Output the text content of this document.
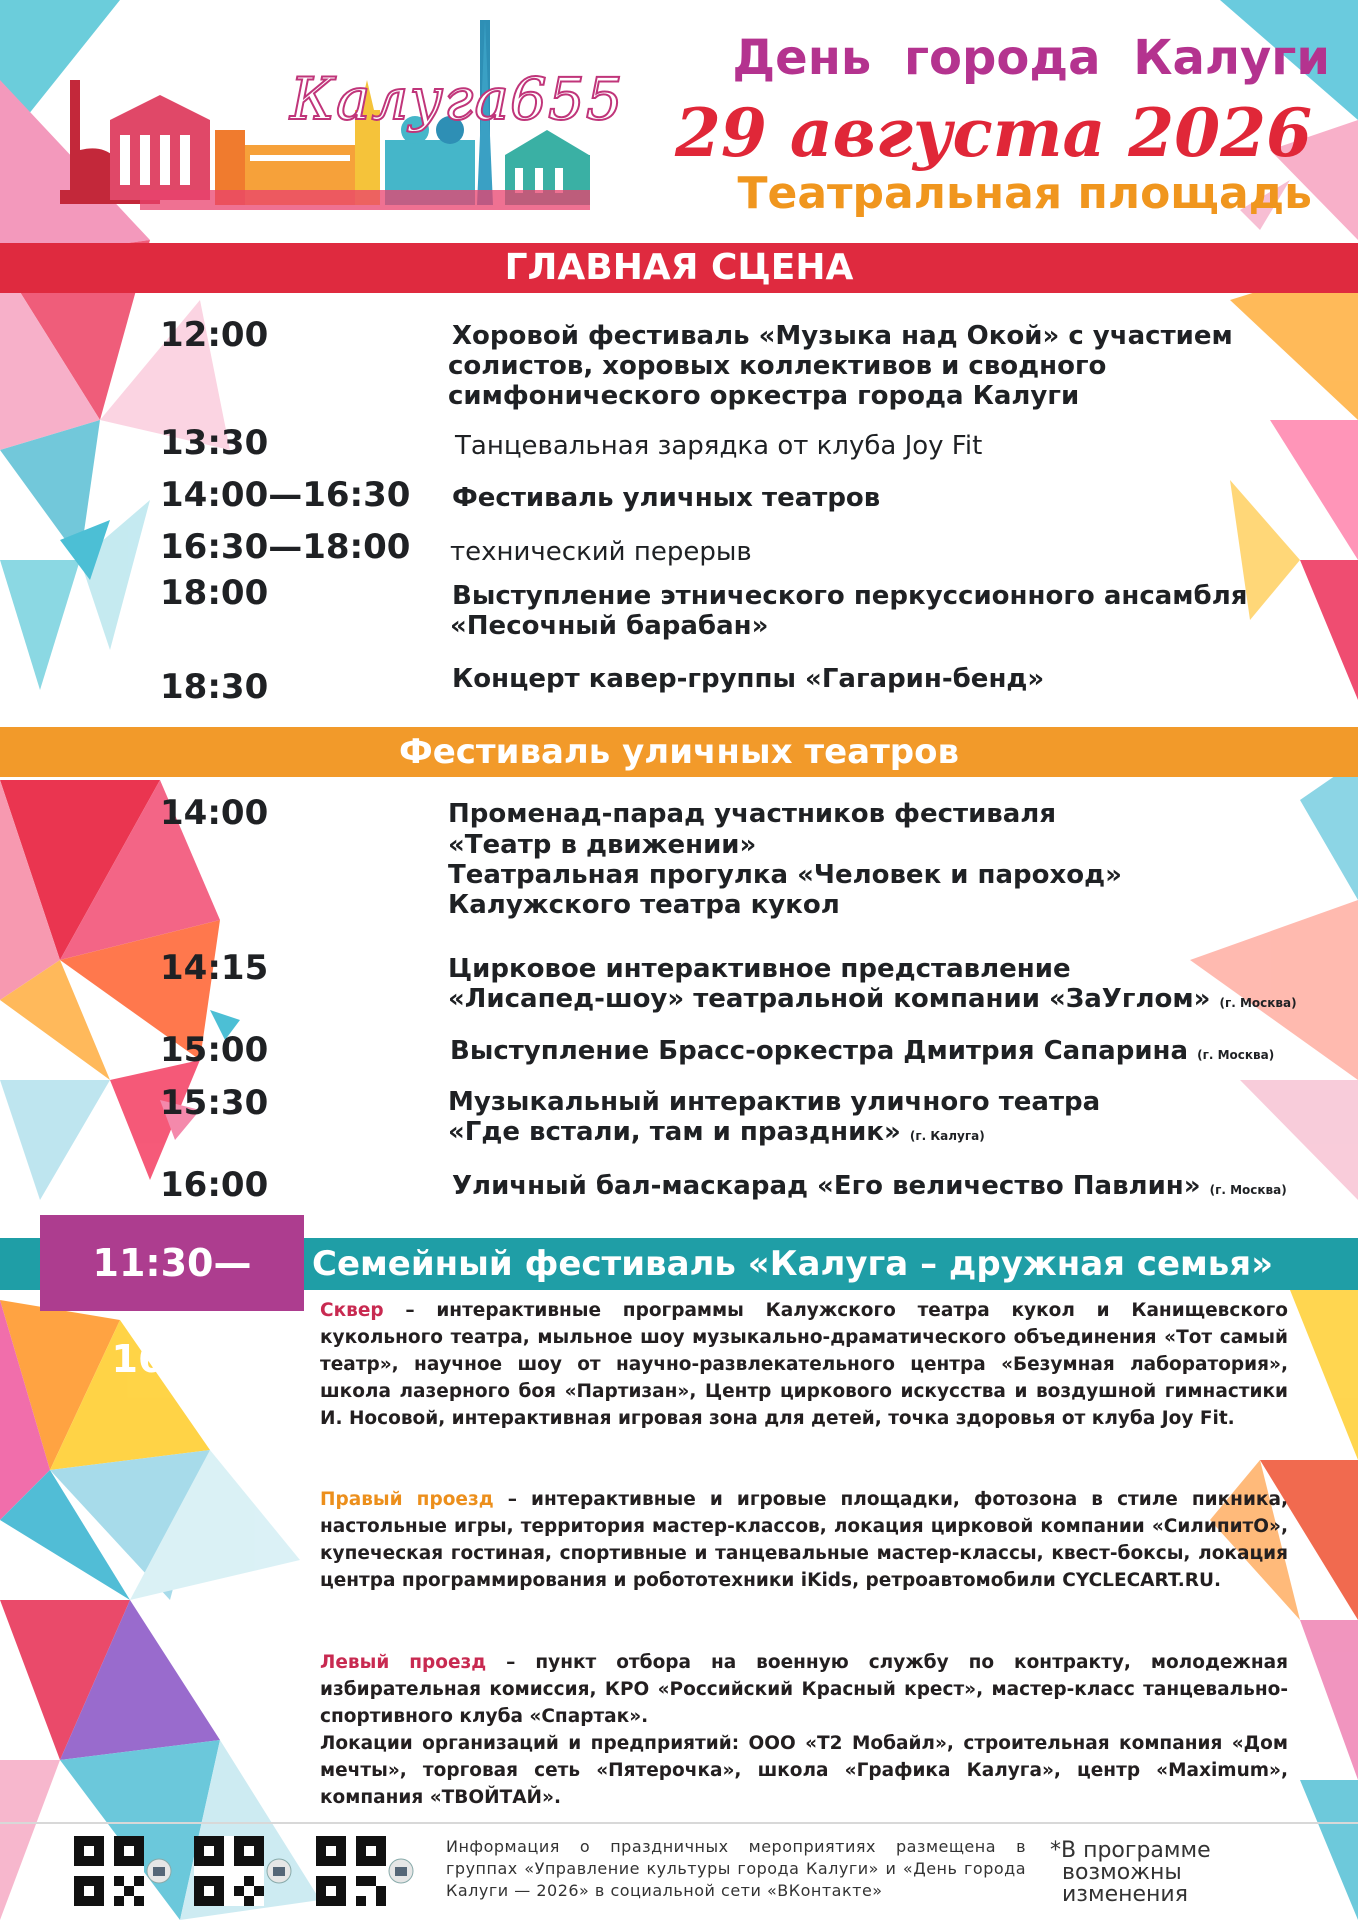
Калуга655
День города Калуги
29 августа 2026
Театральная площадь
ГЛАВНАЯ СЦЕНА
12:00	Хоровой фестиваль «Музыка над Окой» с участием
солистов, хоровых коллективов и сводного
симфонического оркестра города Калуги
13:30	Танцевальная зарядка от клуба Joy Fit
14:00—16:30 Фестиваль уличных театров
16:30—18:00 технический перерыв
18:00	Выступление этнического перкуссионного ансамбля
«Песочный барабан»
18:30	Концерт кавер-группы «Гагарин-бенд»
Фестиваль уличных театров
14:00	Променад-парад участников фестиваля
«Театр в движении»
Театральная прогулка «Человек и пароход»
Калужского театра кукол
14:15	Цирковое интерактивное представление
«Лисапед-шоу» театральной компании «ЗаУглом» (г. Москва)
15:00	Выступление Брасс-оркестра Дмитрия Сапарина (г. Москва)
15:30	Музыкальный интерактив уличного театра
«Где встали, там и праздник» (г. Калуга)
16:00	Уличный бал-маскарад «Его величество Павлин» (г. Москва)
Семейный фестиваль «Калуга – дружная семья»
11:30—16:30
Сквер – интерактивные программы Калужского театра кукол и Канищевского кукольного театра, мыльное шоу музыкально-драматического объединения «Тот самый театр», научное шоу от научно-развлекательного центра «Безумная лаборатория», школа лазерного боя «Партизан», Центр циркового искусства и воздушной гимнастики И. Носовой, интерактивная игровая зона для детей, точка здоровья от клуба Joy Fit.
Правый проезд – интерактивные и игровые площадки, фотозона в стиле пикника, настольные игры, территория мастер-классов, локация цирковой компании «СилипитО», купеческая гостиная, спортивные и танцевальные мастер-классы, квест-боксы, локация центра программирования и робототехники iKids, ретроавтомобили CYCLECART.RU.
Левый проезд – пункт отбора на военную службу по контракту, молодежная избирательная комиссия, КРО «Российский Красный крест», мастер-класс танцевально-спортивного клуба «Спартак».
Локации организаций и предприятий: ООО «Т2 Мобайл», строительная компания «Дом мечты», торговая сеть «Пятерочка», школа «Графика Калуга», центр «Maximum», компания «ТВОЙТАЙ».
Информация о праздничных мероприятиях размещена в группах «Управление культуры города Калуги» и «День города Калуги — 2026» в социальной сети «ВКонтакте»
*В программе
возможны
изменения
0+
